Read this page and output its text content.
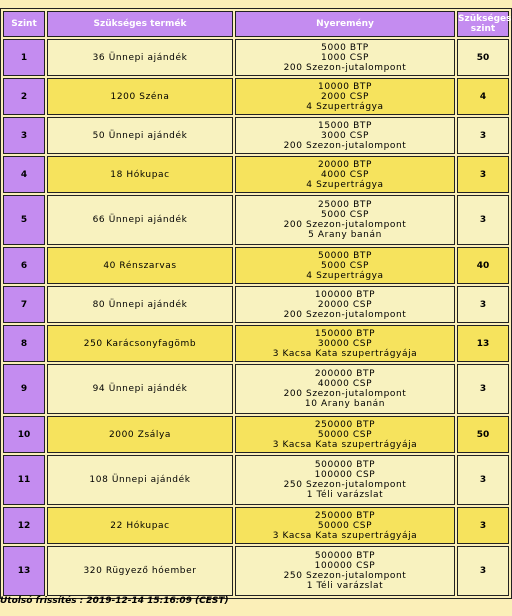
Szint	Szükséges termék	Nyeremény	Szükséges
szint

1	36 Ünnepi ajándék	5000 BTP
1000 CSP
200 Szezon-jutalompont	50
2	1200 Széna	10000 BTP
2000 CSP
4 Szupertrágya	4
3	50 Ünnepi ajándék	15000 BTP
3000 CSP
200 Szezon-jutalompont	3
4	18 Hókupac	20000 BTP
4000 CSP
4 Szupertrágya	3
5	66 Ünnepi ajándék	25000 BTP
5000 CSP
200 Szezon-jutalompont
5 Arany banán	3
6	40 Rénszarvas	50000 BTP
5000 CSP
4 Szupertrágya	40
7	80 Ünnepi ajándék	100000 BTP
20000 CSP
200 Szezon-jutalompont	3
8	250 Karácsonyfagömb	150000 BTP
30000 CSP
3 Kacsa Kata szupertrágyája	13
9	94 Ünnepi ajándék	200000 BTP
40000 CSP
200 Szezon-jutalompont
10 Arany banán	3
10	2000 Zsálya	250000 BTP
50000 CSP
3 Kacsa Kata szupertrágyája	50
11	108 Ünnepi ajándék	500000 BTP
100000 CSP
250 Szezon-jutalompont
1 Téli varázslat	3
12	22 Hókupac	250000 BTP
50000 CSP
3 Kacsa Kata szupertrágyája	3
13	320 Rügyező hóember	500000 BTP
100000 CSP
250 Szezon-jutalompont
1 Téli varázslat	3
Utolsó frissítés : 2019-12-14 15:16:09 (CEST)
